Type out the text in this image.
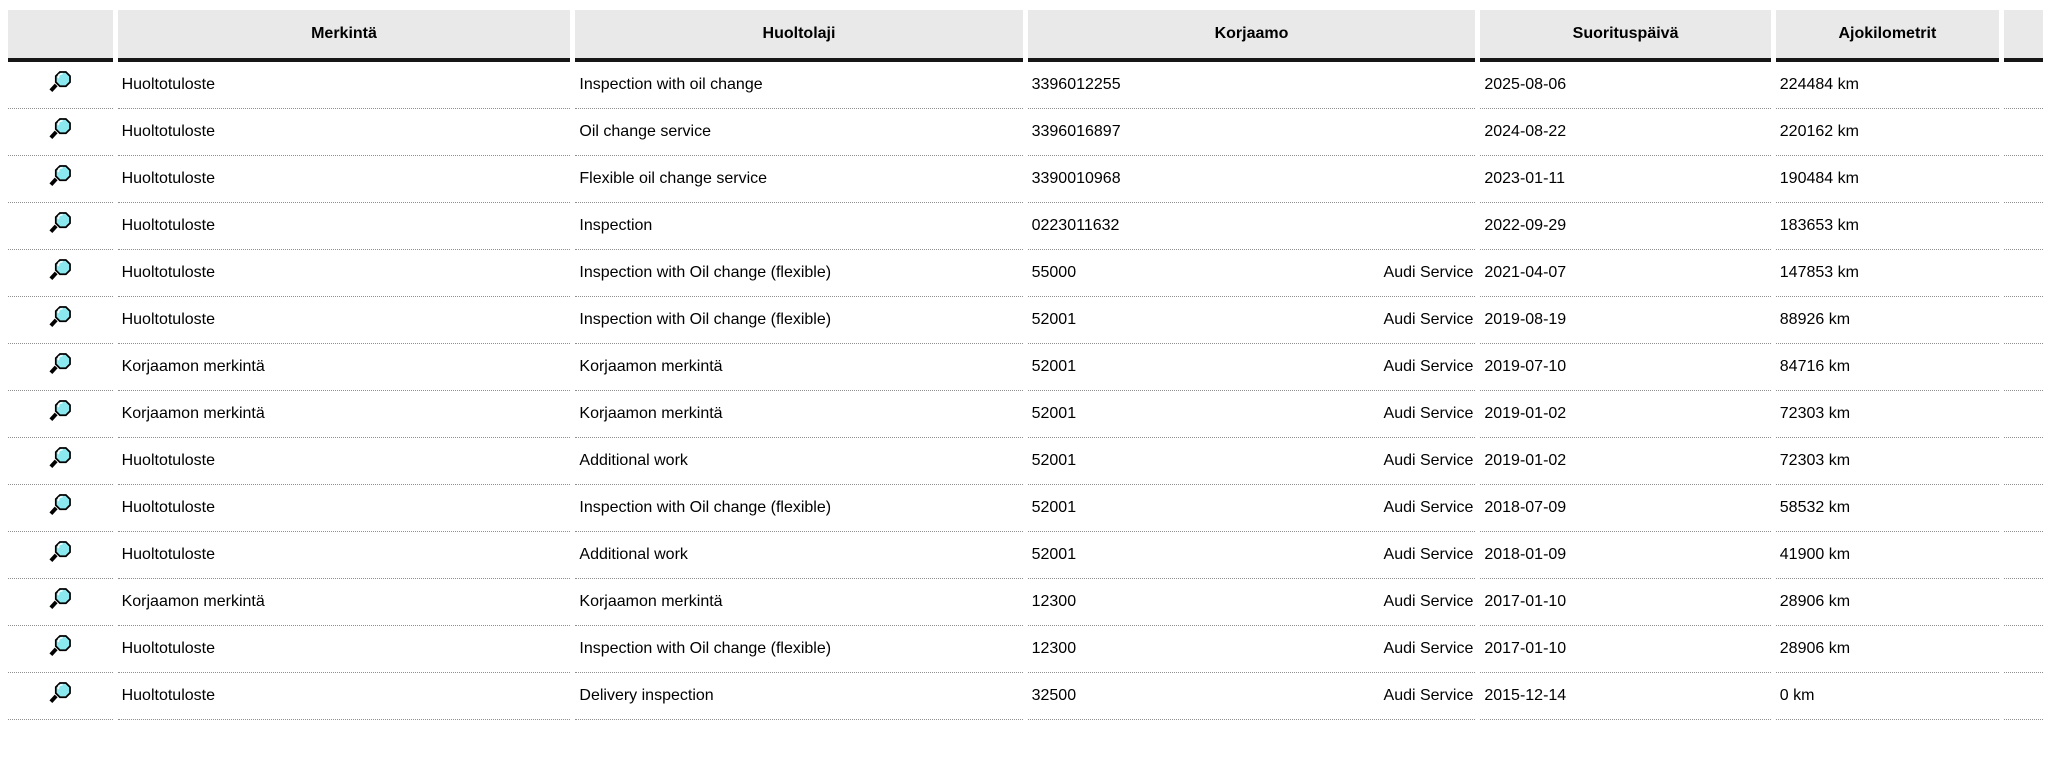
	Merkintä	Huoltolaji	Korjaamo	Suorituspäivä	Ajokilometrit	
	Huoltotuloste	Inspection with oil change	3396012255	2025-08-06	224484 km	
	Huoltotuloste	Oil change service	3396016897	2024-08-22	220162 km	
	Huoltotuloste	Flexible oil change service	3390010968	2023-01-11	190484 km	
	Huoltotuloste	Inspection	0223011632	2022-09-29	183653 km	
	Huoltotuloste	Inspection with Oil change (flexible)	55000 Audi Service	2021-04-07	147853 km	
	Huoltotuloste	Inspection with Oil change (flexible)	52001 Audi Service	2019-08-19	88926 km	
	Korjaamon merkintä	Korjaamon merkintä	52001 Audi Service	2019-07-10	84716 km	
	Korjaamon merkintä	Korjaamon merkintä	52001 Audi Service	2019-01-02	72303 km	
	Huoltotuloste	Additional work	52001 Audi Service	2019-01-02	72303 km	
	Huoltotuloste	Inspection with Oil change (flexible)	52001 Audi Service	2018-07-09	58532 km	
	Huoltotuloste	Additional work	52001 Audi Service	2018-01-09	41900 km	
	Korjaamon merkintä	Korjaamon merkintä	12300 Audi Service	2017-01-10	28906 km	
	Huoltotuloste	Inspection with Oil change (flexible)	12300 Audi Service	2017-01-10	28906 km	
	Huoltotuloste	Delivery inspection	32500 Audi Service	2015-12-14	0 km	
